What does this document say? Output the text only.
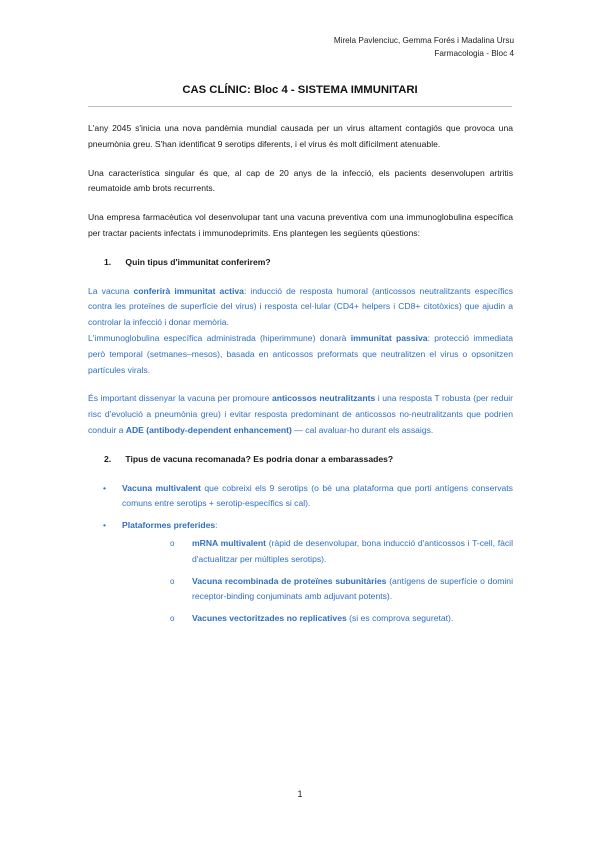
Mirela Pavlenciuc, Gemma Forés i Madalina Ursu
Farmacologia - Bloc 4
CAS CLÍNIC: Bloc 4 - SISTEMA IMMUNITARI

L'any 2045 s'inicia una nova pandèmia mundial causada per un virus altament contagiós que provoca una pneumònia greu. S'han identificat 9 serotips diferents, i el virus és molt difícilment atenuable.

Una característica singular és que, al cap de 20 anys de la infecció, els pacients desenvolupen artritis reumatoide amb brots recurrents.

Una empresa farmacèutica vol desenvolupar tant una vacuna preventiva com una immunoglobulina específica per tractar pacients infectats i immunodeprimits. Ens plantegen les següents qüestions:

1. Quin tipus d'immunitat conferirem?

La vacuna conferirà immunitat activa: inducció de resposta humoral (anticossos neutralitzants específics contra les proteïnes de superfície del virus) i resposta cel·lular (CD4+ helpers i CD8+ citotòxics) que ajudin a controlar la infecció i donar memòria.

L'immunoglobulina específica administrada (hiperimmune) donarà immunitat passiva: protecció immediata però temporal (setmanes–mesos), basada en anticossos preformats que neutralitzen el virus o opsonitzen partícules virals.

És important dissenyar la vacuna per promoure anticossos neutralitzants i una resposta T robusta (per reduir risc d'evolució a pneumònia greu) i evitar resposta predominant de anticossos no-neutralitzants que podrien conduir a ADE (antibody-dependent enhancement) — cal avaluar-ho durant els assaigs.

2. Tipus de vacuna recomanada? Es podria donar a embarassades?

• Vacuna multivalent que cobreixi els 9 serotips (o bé una plataforma que porti antígens conservats comuns entre serotips + serotip-específics si cal).
• Plataformes preferides:
o mRNA multivalent (ràpid de desenvolupar, bona inducció d'anticossos i T-cell, fàcil d'actualitzar per múltiples serotips).
o Vacuna recombinada de proteïnes subunitàries (antígens de superfície o domini receptor-binding conjuminats amb adjuvant potents).
o Vacunes vectoritzades no replicatives (si es comprova seguretat).
1
